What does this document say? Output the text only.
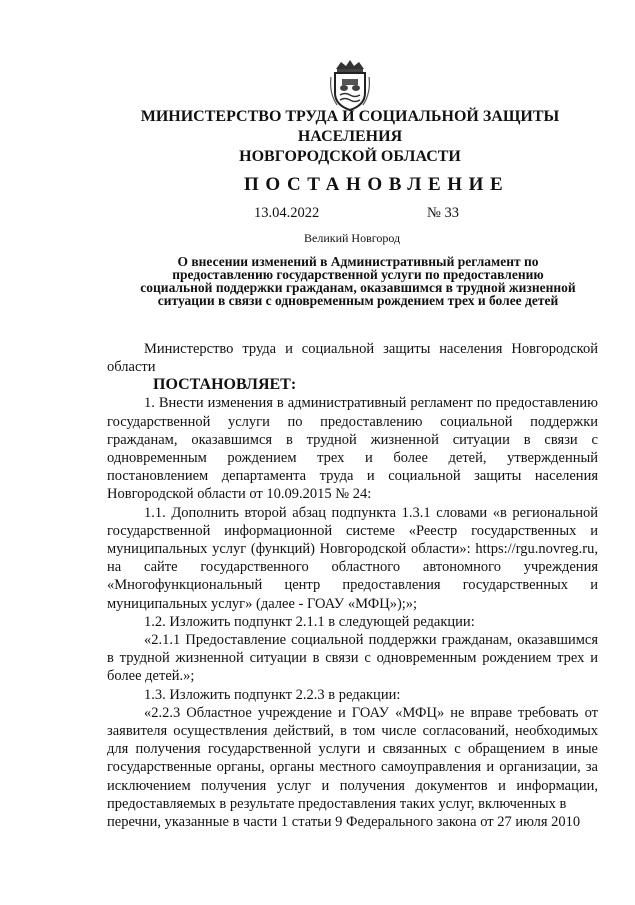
МИНИСТЕРСТВО ТРУДА И СОЦИАЛЬНОЙ ЗАЩИТЫ НАСЕЛЕНИЯ
НОВГОРОДСКОЙ ОБЛАСТИ
ПОСТАНОВЛЕНИЕ
13.04.2022	№ 33
Великий Новгород
О внесении изменений в Административный регламент по предоставлению государственной услуги по предоставлению социальной поддержки гражданам, оказавшимся в трудной жизненной ситуации в связи с одновременным рождением трех и более детей
Министерство труда и социальной защиты населения Новгородской области
ПОСТАНОВЛЯЕТ:
1. Внести изменения в административный регламент по предоставлению государственной услуги по предоставлению социальной поддержки гражданам, оказавшимся в трудной жизненной ситуации в связи с одновременным рождением трех и более детей, утвержденный постановлением департамента труда и социальной защиты населения Новгородской области от 10.09.2015 № 24:
1.1. Дополнить второй абзац подпункта 1.3.1 словами «в региональной государственной информационной системе «Реестр государственных и муниципальных услуг (функций) Новгородской области»: https://rgu.novreg.ru, на сайте государственного областного автономного учреждения «Многофункциональный центр предоставления государственных и муниципальных услуг» (далее - ГОАУ «МФЦ»);»;
1.2. Изложить подпункт 2.1.1 в следующей редакции:
«2.1.1 Предоставление социальной поддержки гражданам, оказавшимся в трудной жизненной ситуации в связи с одновременным рождением трех и более детей.»;
1.3. Изложить подпункт 2.2.3 в редакции:
«2.2.3 Областное учреждение и ГОАУ «МФЦ» не вправе требовать от заявителя осуществления действий, в том числе согласований, необходимых для получения государственной услуги и связанных с обращением в иные государственные органы, органы местного самоуправления и организации, за исключением получения услуг и получения документов и информации, предоставляемых в результате предоставления таких услуг, включенных в
перечни, указанные в части 1 статьи 9 Федерального закона от 27 июля 2010
